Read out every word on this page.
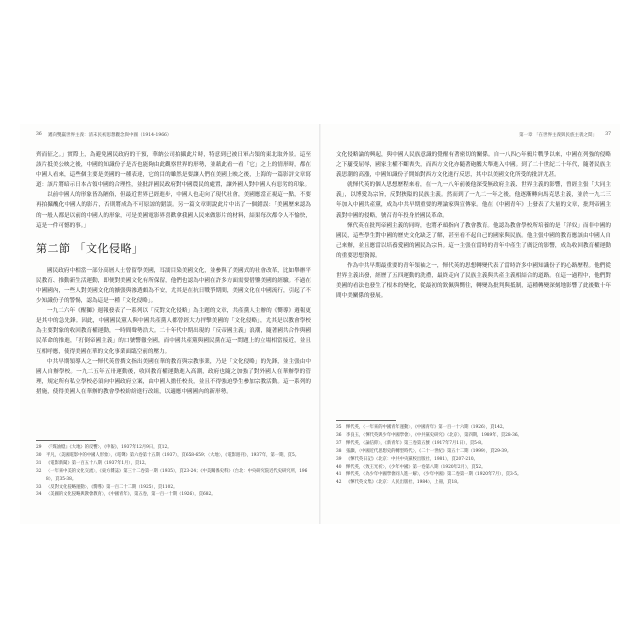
36 邁向雙贏世界主義：清末民初思想觀念與中國（1914-1966）

齊而征之。」實際上，為避免國民政府的干預，華納公司拍攝此片時，特意到已被日軍占領的東北取外景。這至該片抵美公映之後，中國的知識份子是否也能夠由此觀察世界的形勢，並藉此看一看「它」之上的情形時，都在中國人看來，這些個主要是美國的一種表達，它的目的雖然是要讓人們在美國上映之後，上海的一篇影評文章寫道：該片將暗示日本占領中國的合理性，並批評國民政府對中國農民的處置，讓外國人對中國人有惡劣的印象。

以前中國人的形象皆為陋俗，但最近世界已經進步，中國人也走向了現代社會，美國應當正視這一點，不要再拍攝醜化中國人的影片，否則將成為不可原諒的錯誤。另一篇文章則說此片中出了一個錯誤：「美國歷來認為的一般人都是以前的中國人的形象，可是美國電影界喜歡拿我國人民來做影片的材料，結果每次都令人不愉快，這是一件可憾的事。」

第二節 「文化侵略」

國民政府中相當一部分高層人士曾留學美國，耳濡目染美國文化，並參與了美國式的社會改革，比如舉辦平民教育、推動新生活運動，即便對美國文化有所保留，他們也認為中國在許多方面需要借鑒美國的經驗。不過在中國國內，一些人對美國文化的擴張與滲透頗為不安，尤其是在抗日戰爭期間，美國文化在中國流行，引起了不少知識份子的警惕，認為這是一種「文化侵略」。

一九二六年《醒獅》週報發表了一系列以「反對文化侵略」為主題的文章，共產黨人主辦的《嚮導》週報更是其中的急先鋒。因此，中國國民黨人與中國共產黨人都曾經大力抨擊美國的「文化侵略」，尤其是以教會學校為主要對象的收回教育權運動，一時間聲勢浩大。二十年代中期出現的「反帝國主義」浪潮，隨著國共合作與國民革命的推進，「打倒帝國主義」的口號響徹全國，而中國共產黨與國民黨在這一問題上的立場相當接近，並且互相呼應，使得美國在華的文化事業面臨空前的壓力。

中共早期領導人之一惲代英曾撰文指出美國在華的教育與宗教事業，乃是「文化侵略」的先鋒，並主張由中國人自辦學校。一九二五年五卅運動後，收回教育權運動進入高潮，政府也隨之加強了對外國人在華辦學的管理，規定所有私立學校必須向中國政府立案，由中國人擔任校長，並且不得強迫學生參加宗教活動。這一系列的措施，使得美國人在華辦的教會學校紛紛進行改組，以適應中國國內的新形勢。

29 〈『煤油燈』《大地》的反響〉，《申報》，1937年12月9日，頁12。
30 平凡，〈美國電影中的中國人形象〉，《電聲》第六卷第十五期（1937），頁658-659；〈大地〉，《電影週刊》，1937年，第一期，頁5。
31 《電影新聞》第一百五十八期（1937年1月），頁12。
32 〈一年來中美的文化交流〉，《東方雜誌》第三十二卷第一期（1935），頁23-24；《中美關係史料》（台北：中央研究院近代史研究所，1968），頁35-38。
33 〈反對文化侵略運動〉，《嚮導》第一百二十二期（1925），頁1102。
34 〈美國的文化侵略與教會教育〉，《中國青年》，第五卷，第一百一十期（1926），頁682。
第一章 「在世界主義與民族主義之間」 37

文化侵略論的興起，與中國人民族意識的覺醒有著密切的關係。自一八四○年鴉片戰爭以來，中國在列強的侵略之下屢受屈辱，國家主權不斷喪失，而西方文化亦隨著砲艦大舉進入中國。到了二十世紀二十年代，隨著民族主義思潮的高漲，中國知識份子開始對西方文化進行反思，其中以美國文化所受的批評尤甚。

就惲代英的個人思想歷程來看，在一九一八年前後他深受無政府主義、世界主義的影響，曾經主張「大同主義」，以博愛為宗旨，反對狹隘的民族主義。然而到了一九二一年之後，他逐漸轉向馬克思主義，並於一九二三年加入中國共產黨，成為中共早期重要的理論家與宣傳家。他在《中國青年》上發表了大量的文章，批判帝國主義對中國的侵略，號召青年投身於國民革命。

惲代英在批判帝國主義的同時，也將矛頭指向了教會教育。他認為教會學校所培養的是「洋奴」而非中國的國民，這些學生對中國的歷史文化缺乏了解，甚至看不起自己的國家與民族。他主張中國的教育應該由中國人自己來辦，並且應當以培養愛國的國民為宗旨。這一主張在當時的青年中產生了廣泛的影響，成為收回教育權運動的重要思想資源。

作為中共早期最重要的青年領袖之一，惲代英的思想轉變代表了當時許多中國知識份子的心路歷程。他們從世界主義出發，經歷了五四運動的洗禮，最終走向了民族主義與共產主義相結合的道路。在這一過程中，他們對美國的看法也發生了根本的變化，從最初的欽佩與嚮往，轉變為批判與抵制，這種轉變深刻地影響了此後數十年間中美關係的發展。

35 惲代英，〈一年來的中國青年運動〉，《中國青年》第一百一十六期（1926），頁142。
36 李良玉，〈惲代英與少年中國學會〉，《中共黨史研究》（北京），第四期，1989年，頁28-36。
37 惲代英，〈論信仰〉，《新青年》第三卷第五號（1917年7月1日），頁5-8。
38 張灝，〈中國近代思想史的轉型時代〉，《二十一世紀》第五十二期（1999），頁29-39。
39 《惲代英日記》（北京：中共中央黨校出版社，1981），頁207-210。
40 惲代英，〈致王光祈〉，《少年中國》第一卷第八期（1920年2月），頁52。
41 惲代英，〈為少年中國學會同人進一解〉，《少年中國》第二卷第一期（1920年7月），頁3-5。
42 《惲代英文集》（北京：人民出版社，1984），上冊，頁18。
